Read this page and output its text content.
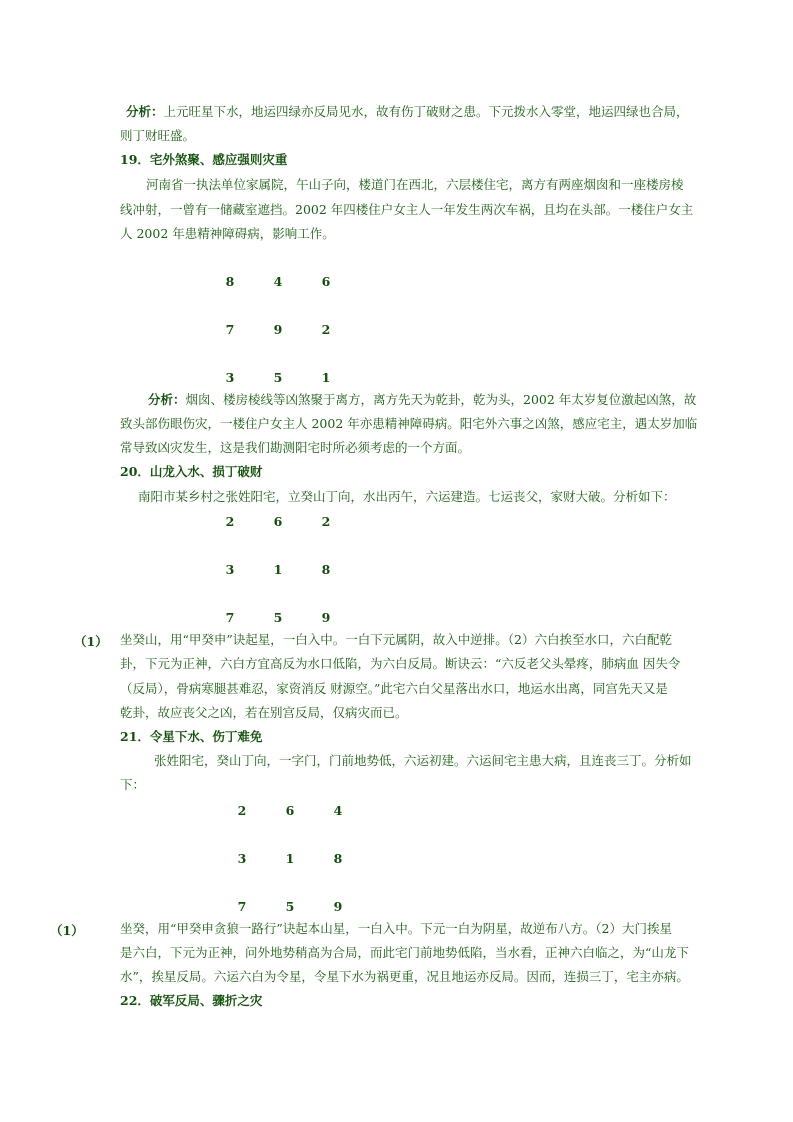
分析：上元旺星下水，地运四绿亦反局见水，故有伤丁破财之患。下元拨水入零堂，地运四绿也合局，
则丁财旺盛。
19．宅外煞聚、感应强则灾重
河南省一执法单位家属院，午山子向，楼道门在西北，六层楼住宅，离方有两座烟囱和一座楼房棱
线冲射，一曾有一储藏室遮挡。2002 年四楼住户女主人一年发生两次车祸，且均在头部。一楼住户女主
人 2002 年患精神障碍病，影响工作。
8	4	6
7	9	2
3	5	1
分析：烟囱、楼房棱线等凶煞聚于离方，离方先天为乾卦，乾为头，2002 年太岁复位激起凶煞，故
致头部伤眼伤灾，一楼住户女主人 2002 年亦患精神障碍病。阳宅外六事之凶煞，感应宅主，遇太岁加临
常导致凶灾发生，这是我们勘测阳宅时所必须考虑的一个方面。
20．山龙入水、损丁破财
南阳市某乡村之张姓阳宅，立癸山丁向，水出丙午，六运建造。七运丧父，家财大破。分析如下：
2	6	2
3	1	8
7	5	9
（1） 坐癸山，用“甲癸申”诀起星，一白入中。一白下元属阴，故入中逆排。（2）六白挨至水口，六白配乾
卦，下元为正神，六白方宜高反为水口低陷，为六白反局。断诀云：“六反老父头晕疼，肺病血 因失令
（反局），骨病寒腿甚难忍，家资消反 财源空。”此宅六白父星落出水口，地运水出离，同宫先天又是
乾卦，故应丧父之凶，若在别宫反局，仅病灾而已。
21．令星下水、伤丁难免
张姓阳宅，癸山丁向，一字门，门前地势低，六运初建。六运间宅主患大病，且连丧三丁。分析如
下：
2	6	4
3	1	8
7	5	9
（1）	坐癸，用“甲癸申贪狼一路行”诀起本山星，一白入中。下元一白为阴星，故逆布八方。（2）大门挨星
是六白，下元为正神，问外地势稍高为合局，而此宅门前地势低陷，当水看，正神六白临之，为“山龙下
水”，挨星反局。六运六白为令星，令星下水为祸更重，况且地运亦反局。因而，连损三丁，宅主亦病。
22．破军反局、骤折之灾
